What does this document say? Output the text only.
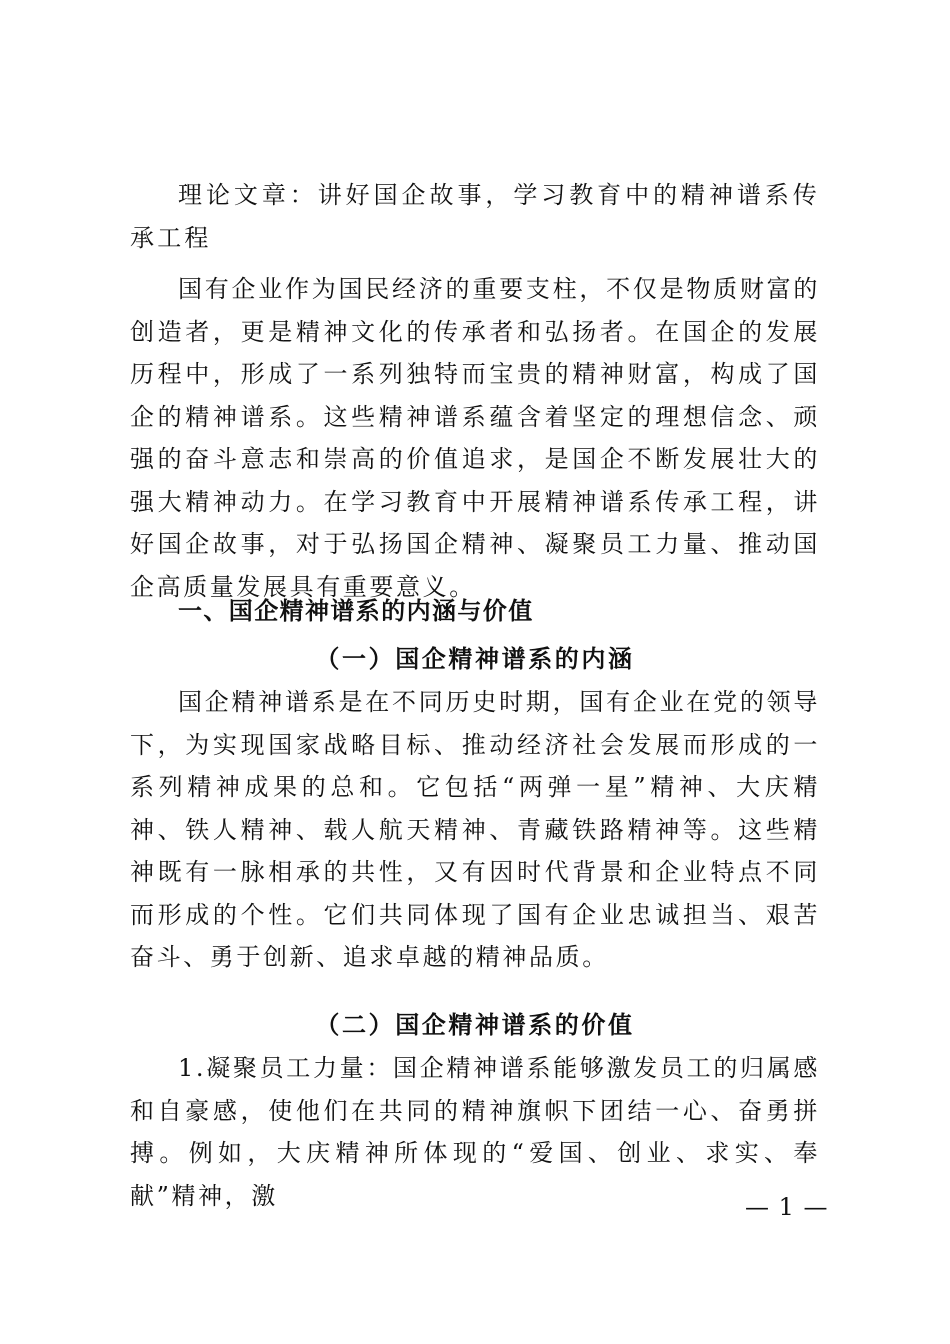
理论文章：讲好国企故事，学习教育中的精神谱系传承工程

国有企业作为国民经济的重要支柱，不仅是物质财富的创造者，更是精神文化的传承者和弘扬者。在国企的发展历程中，形成了一系列独特而宝贵的精神财富，构成了国企的精神谱系。这些精神谱系蕴含着坚定的理想信念、顽强的奋斗意志和崇高的价值追求，是国企不断发展壮大的强大精神动力。在学习教育中开展精神谱系传承工程，讲好国企故事，对于弘扬国企精神、凝聚员工力量、推动国企高质量发展具有重要意义。

一、国企精神谱系的内涵与价值
（一）国企精神谱系的内涵

国企精神谱系是在不同历史时期，国有企业在党的领导下，为实现国家战略目标、推动经济社会发展而形成的一系列精神成果的总和。它包括“两弹一星”精神、大庆精神、铁人精神、载人航天精神、青藏铁路精神等。这些精神既有一脉相承的共性，又有因时代背景和企业特点不同而形成的个性。它们共同体现了国有企业忠诚担当、艰苦奋斗、勇于创新、追求卓越的精神品质。

（二）国企精神谱系的价值

1.凝聚员工力量：国企精神谱系能够激发员工的归属感和自豪感，使他们在共同的精神旗帜下团结一心、奋勇拼搏。例如，大庆精神所体现的“爱国、创业、求实、奉献”精神，激	— 1 —
